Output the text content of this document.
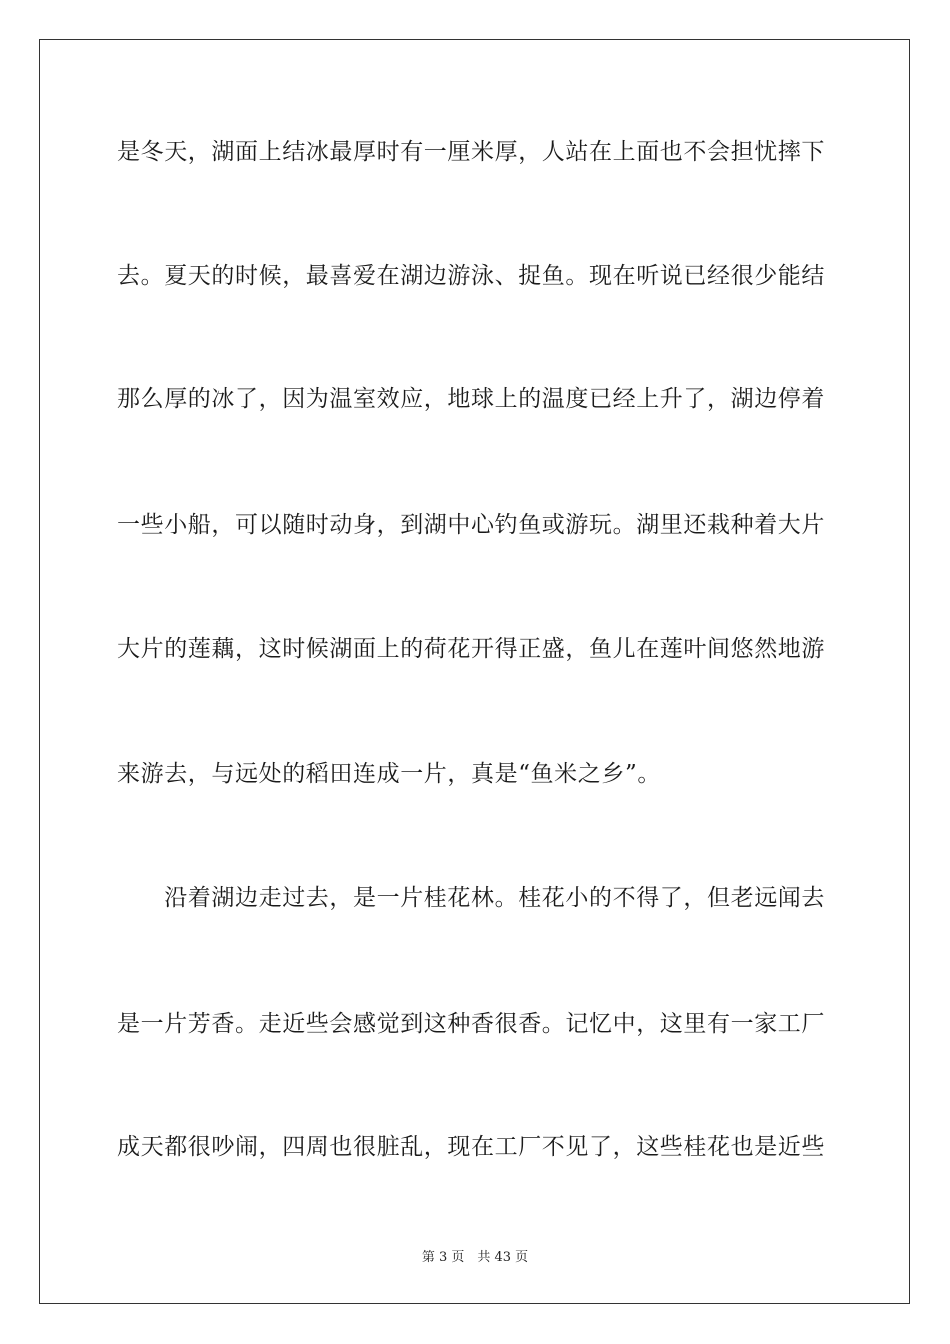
是冬天，湖面上结冰最厚时有一厘米厚，人站在上面也不会担忧摔下
去。夏天的时候，最喜爱在湖边游泳、捉鱼。现在听说已经很少能结
那么厚的冰了，因为温室效应，地球上的温度已经上升了，湖边停着
一些小船，可以随时动身，到湖中心钓鱼或游玩。湖里还栽种着大片
大片的莲藕，这时候湖面上的荷花开得正盛，鱼儿在莲叶间悠然地游
来游去，与远处的稻田连成一片，真是“鱼米之乡”。
　　沿着湖边走过去，是一片桂花林。桂花小的不得了，但老远闻去
是一片芳香。走近些会感觉到这种香很香。记忆中，这里有一家工厂
成天都很吵闹，四周也很脏乱，现在工厂不见了，这些桂花也是近些
第 3 页　共 43 页
